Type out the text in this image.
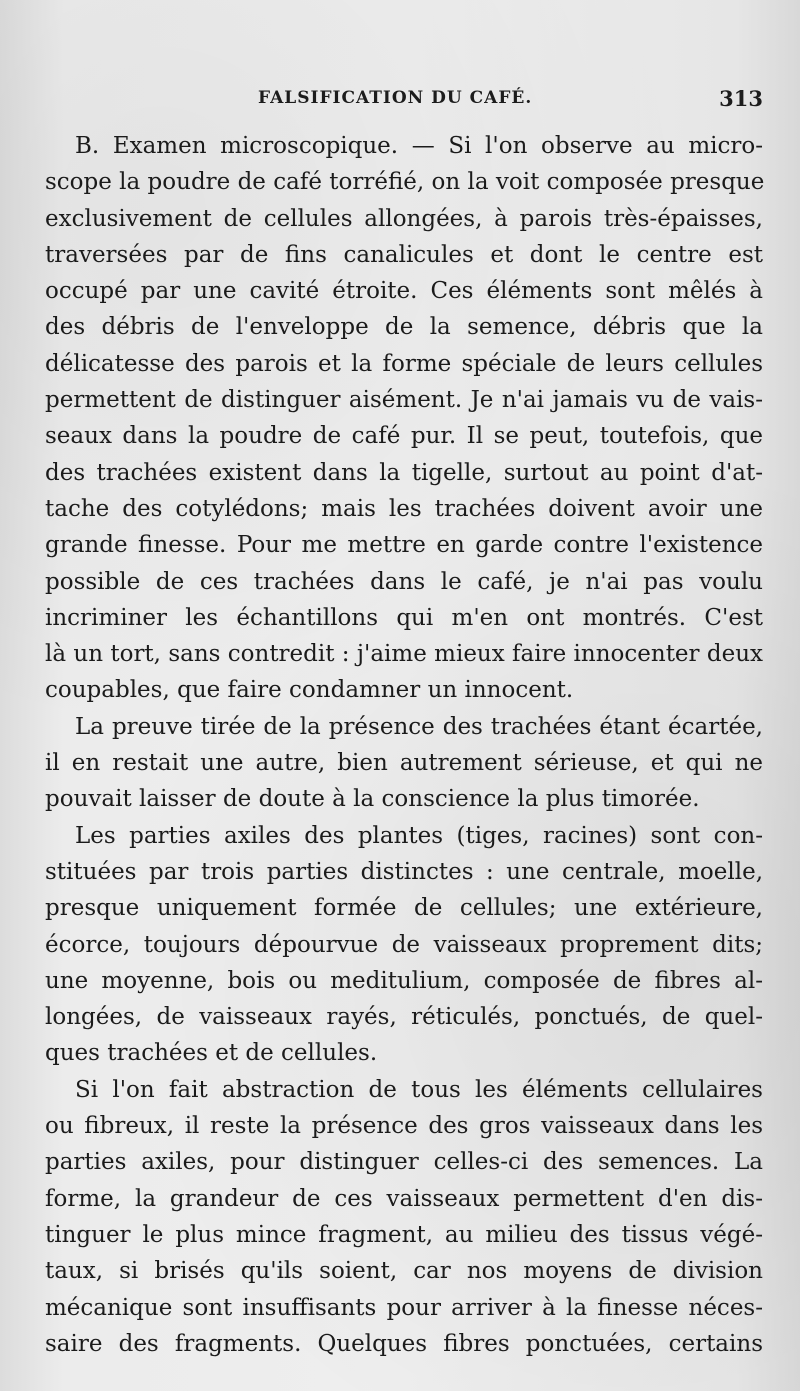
FALSIFICATION DU CAFÉ.	313
B. Examen microscopique. — Si l'on observe au micro-
scope la poudre de café torréfié, on la voit composée presque
exclusivement de cellules allongées, à parois très-épaisses,
traversées par de fins canalicules et dont le centre est
occupé par une cavité étroite. Ces éléments sont mêlés à
des débris de l'enveloppe de la semence, débris que la
délicatesse des parois et la forme spéciale de leurs cellules
permettent de distinguer aisément. Je n'ai jamais vu de vais-
seaux dans la poudre de café pur. Il se peut, toutefois, que
des trachées existent dans la tigelle, surtout au point d'at-
tache des cotylédons; mais les trachées doivent avoir une
grande finesse. Pour me mettre en garde contre l'existence
possible de ces trachées dans le café, je n'ai pas voulu
incriminer les échantillons qui m'en ont montrés. C'est
là un tort, sans contredit : j'aime mieux faire innocenter deux
coupables, que faire condamner un innocent.
La preuve tirée de la présence des trachées étant écartée,
il en restait une autre, bien autrement sérieuse, et qui ne
pouvait laisser de doute à la conscience la plus timorée.
Les parties axiles des plantes (tiges, racines) sont con-
stituées par trois parties distinctes : une centrale, moelle,
presque uniquement formée de cellules; une extérieure,
écorce, toujours dépourvue de vaisseaux proprement dits;
une moyenne, bois ou meditulium, composée de fibres al-
longées, de vaisseaux rayés, réticulés, ponctués, de quel-
ques trachées et de cellules.
Si l'on fait abstraction de tous les éléments cellulaires
ou fibreux, il reste la présence des gros vaisseaux dans les
parties axiles, pour distinguer celles-ci des semences. La
forme, la grandeur de ces vaisseaux permettent d'en dis-
tinguer le plus mince fragment, au milieu des tissus végé-
taux, si brisés qu'ils soient, car nos moyens de division
mécanique sont insuffisants pour arriver à la finesse néces-
saire des fragments. Quelques fibres ponctuées, certains
